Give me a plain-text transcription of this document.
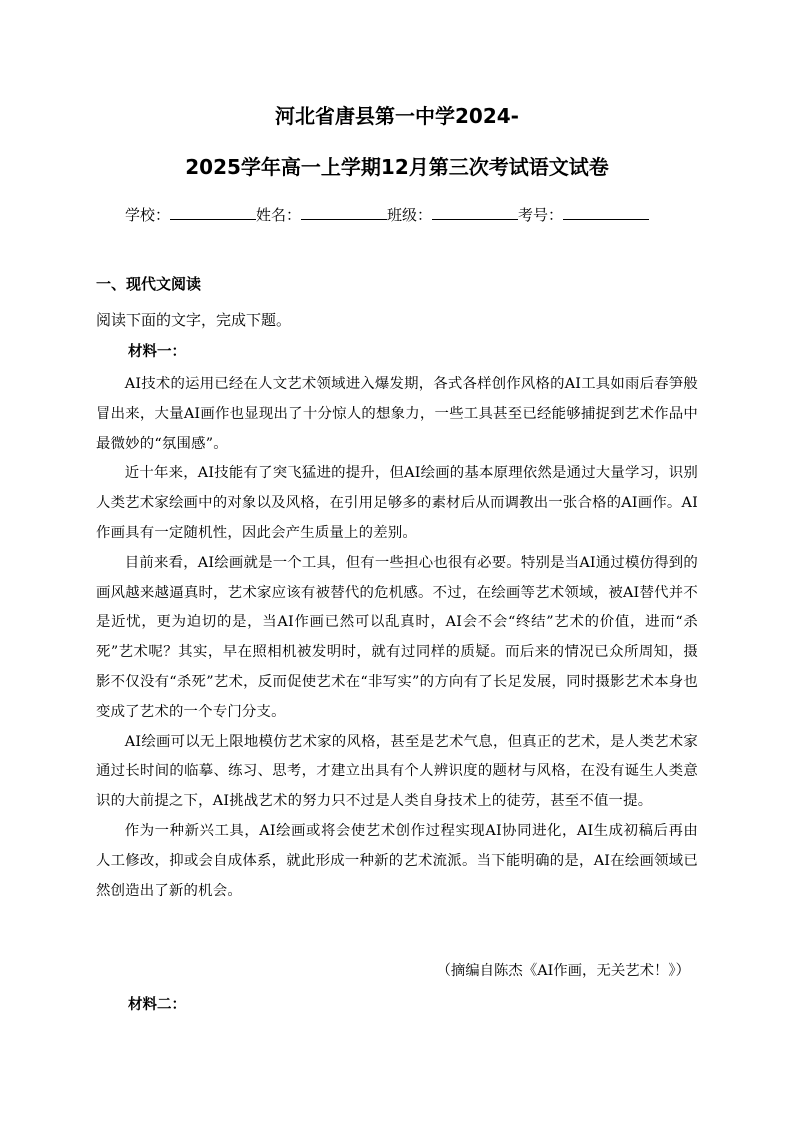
河北省唐县第一中学2024-
2025学年高一上学期12月第三次考试语文试卷
学校：	姓名：	班级：	考号：
一、现代文阅读
阅读下面的文字，完成下题。
材料一：

AI技术的运用已经在人文艺术领域进入爆发期，各式各样创作风格的AI工具如雨后春笋般冒出来，大量AI画作也显现出了十分惊人的想象力，一些工具甚至已经能够捕捉到艺术作品中最微妙的“氛围感”。

近十年来，AI技能有了突飞猛进的提升，但AI绘画的基本原理依然是通过大量学习，识别人类艺术家绘画中的对象以及风格，在引用足够多的素材后从而调教出一张合格的AI画作。AI作画具有一定随机性，因此会产生质量上的差别。

目前来看，AI绘画就是一个工具，但有一些担心也很有必要。特别是当AI通过模仿得到的画风越来越逼真时，艺术家应该有被替代的危机感。不过，在绘画等艺术领域，被AI替代并不是近忧，更为迫切的是，当AI作画已然可以乱真时，AI会不会“终结”艺术的价值，进而“杀死”艺术呢？其实，早在照相机被发明时，就有过同样的质疑。而后来的情况已众所周知，摄影不仅没有“杀死”艺术，反而促使艺术在“非写实”的方向有了长足发展，同时摄影艺术本身也变成了艺术的一个专门分支。

AI绘画可以无上限地模仿艺术家的风格，甚至是艺术气息，但真正的艺术，是人类艺术家通过长时间的临摹、练习、思考，才建立出具有个人辨识度的题材与风格，在没有诞生人类意识的大前提之下，AI挑战艺术的努力只不过是人类自身技术上的徒劳，甚至不值一提。

作为一种新兴工具，AI绘画或将会使艺术创作过程实现AI协同进化，AI生成初稿后再由人工修改，抑或会自成体系，就此形成一种新的艺术流派。当下能明确的是，AI在绘画领域已然创造出了新的机会。

（摘编自陈杰《AI作画，无关艺术！》）
材料二：
